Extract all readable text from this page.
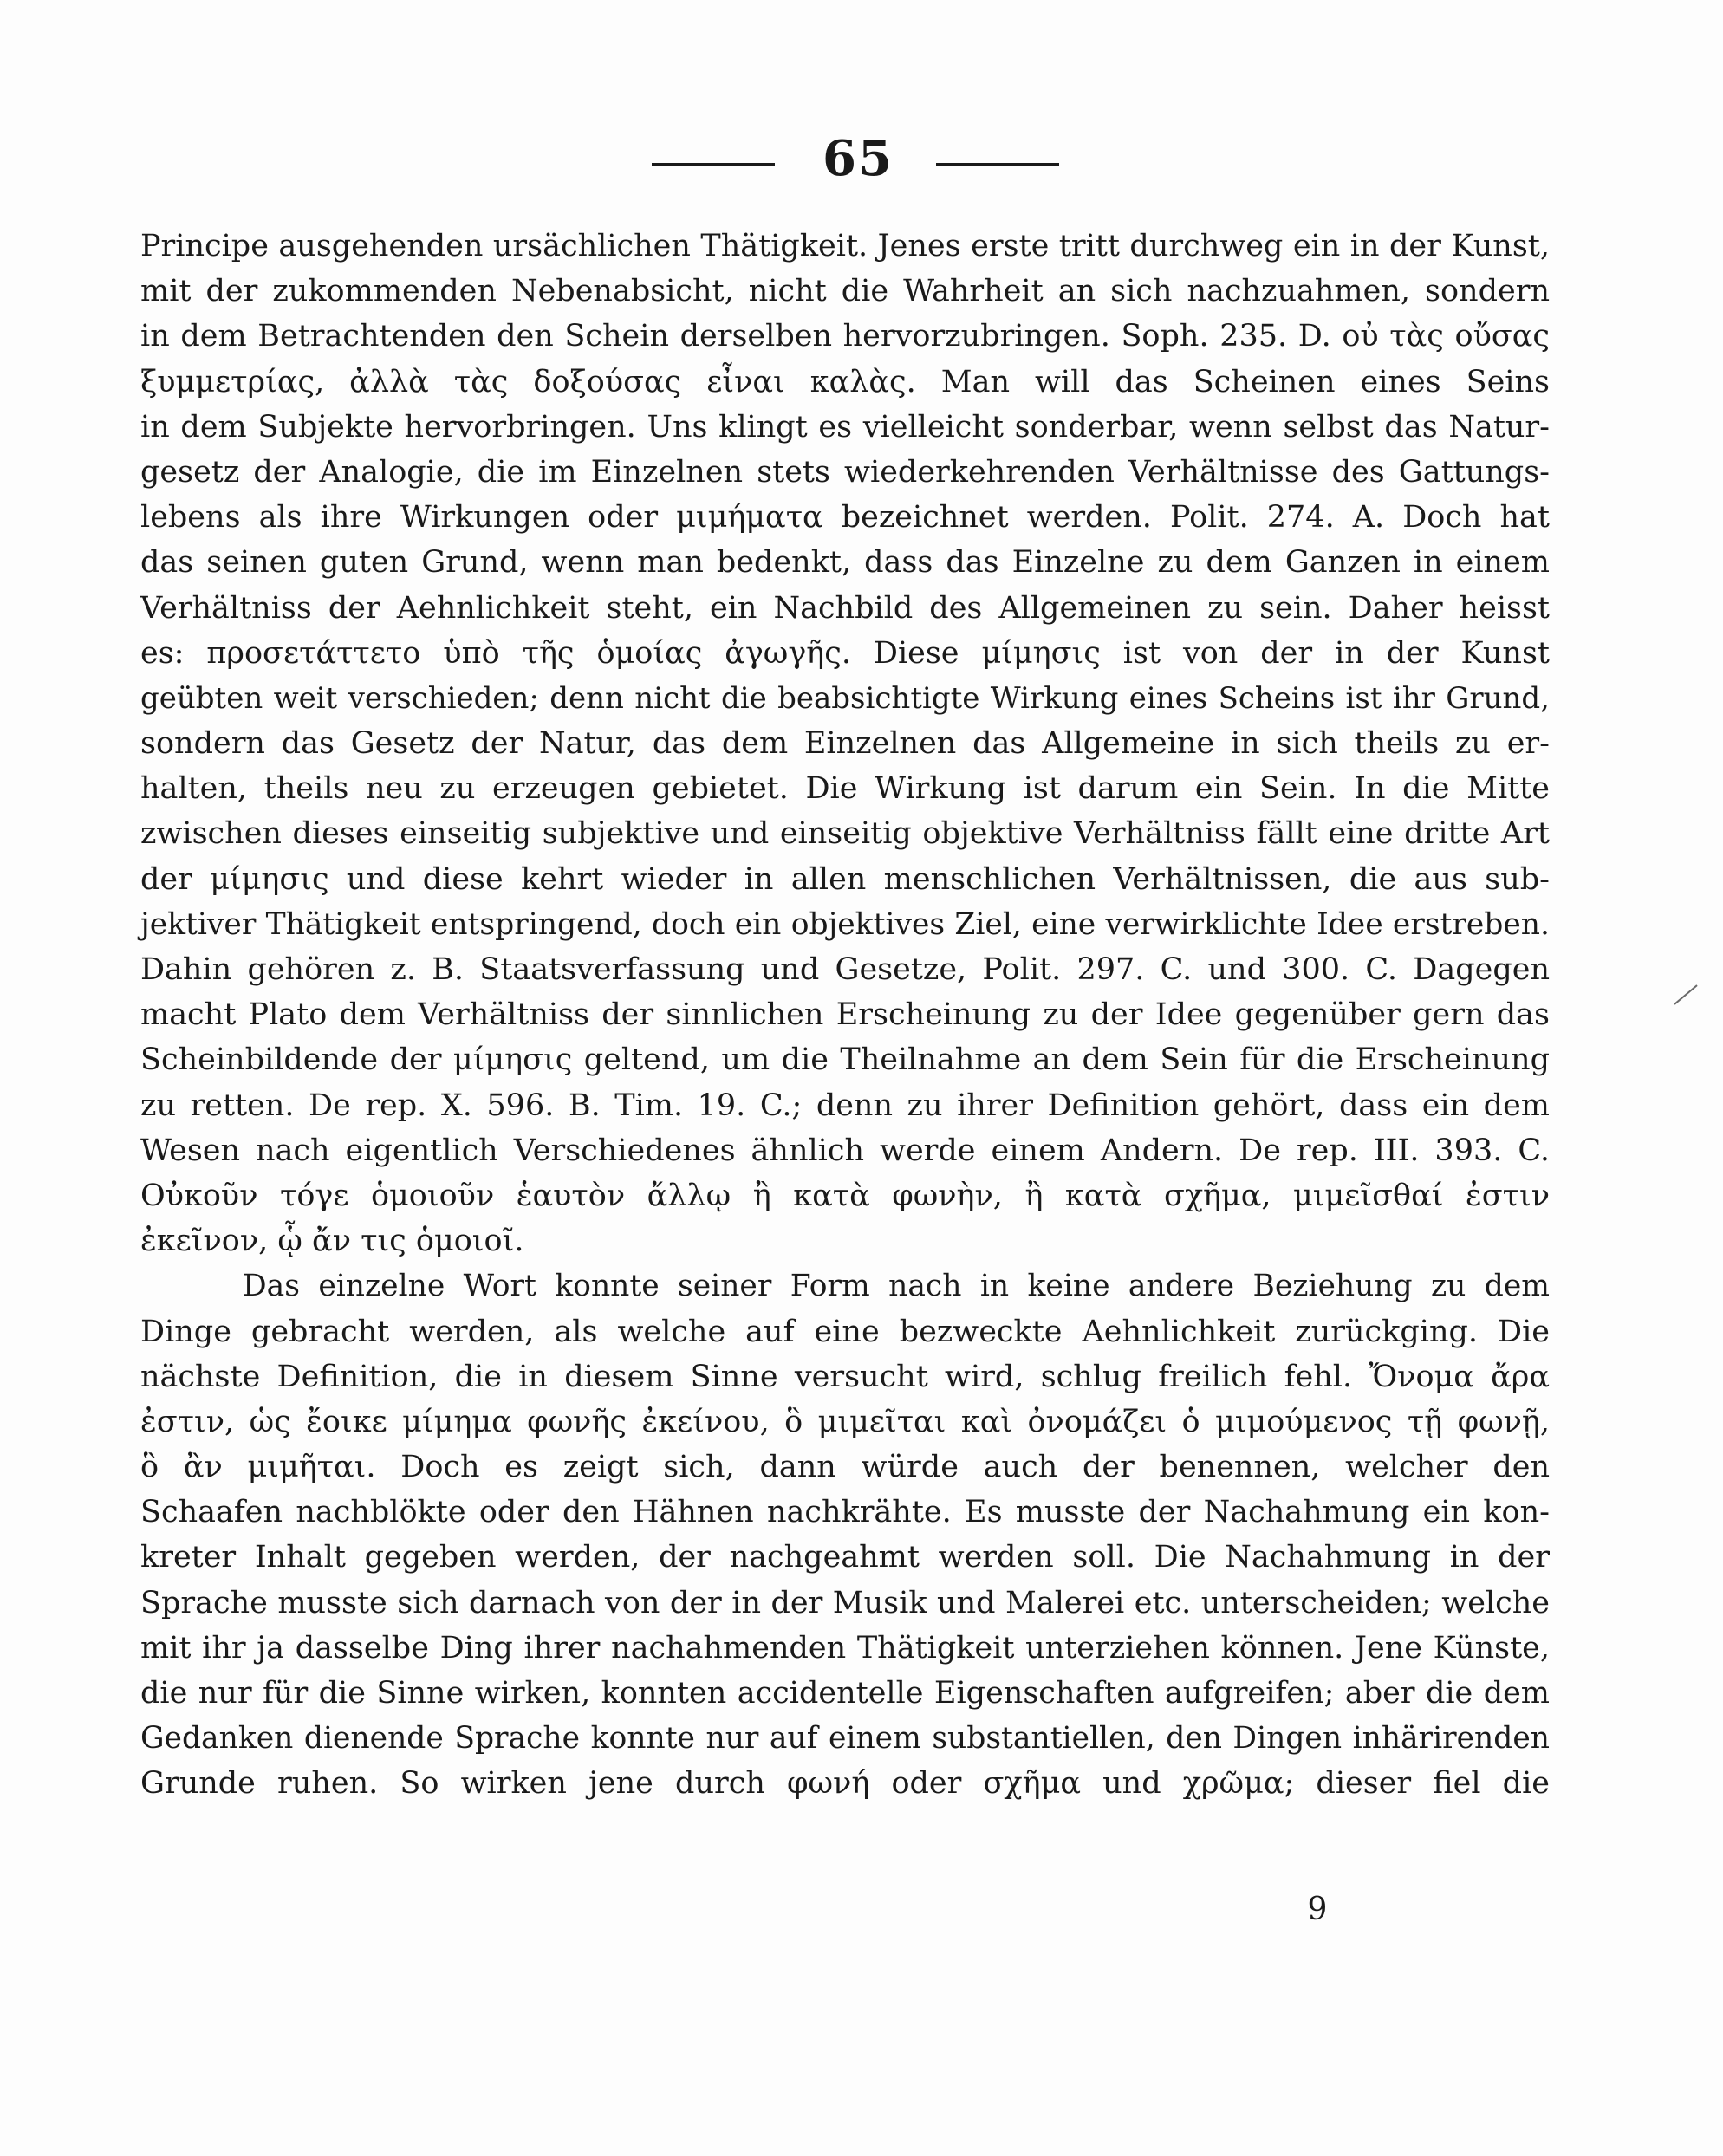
65
Principe ausgehenden ursächlichen Thätigkeit. Jenes erste tritt durchweg ein in der Kunst,
mit der zukommenden Nebenabsicht, nicht die Wahrheit an sich nachzuahmen, sondern
in dem Betrachtenden den Schein derselben hervorzubringen. Soph. 235. D. οὐ τὰς οὔσας
ξυμμετρίας, ἀλλὰ τὰς δοξούσας εἶναι καλὰς. Man will das Scheinen eines Seins
in dem Subjekte hervorbringen. Uns klingt es vielleicht sonderbar, wenn selbst das Natur-
gesetz der Analogie, die im Einzelnen stets wiederkehrenden Verhältnisse des Gattungs-
lebens als ihre Wirkungen oder μιμήματα bezeichnet werden. Polit. 274. A. Doch hat
das seinen guten Grund, wenn man bedenkt, dass das Einzelne zu dem Ganzen in einem
Verhältniss der Aehnlichkeit steht, ein Nachbild des Allgemeinen zu sein. Daher heisst
es: προσετάττετο ὑπὸ τῆς ὁμοίας ἀγωγῆς. Diese μίμησις ist von der in der Kunst
geübten weit verschieden; denn nicht die beabsichtigte Wirkung eines Scheins ist ihr Grund,
sondern das Gesetz der Natur, das dem Einzelnen das Allgemeine in sich theils zu er-
halten, theils neu zu erzeugen gebietet. Die Wirkung ist darum ein Sein. In die Mitte
zwischen dieses einseitig subjektive und einseitig objektive Verhältniss fällt eine dritte Art
der μίμησις und diese kehrt wieder in allen menschlichen Verhältnissen, die aus sub-
jektiver Thätigkeit entspringend, doch ein objektives Ziel, eine verwirklichte Idee erstreben.
Dahin gehören z. B. Staatsverfassung und Gesetze, Polit. 297. C. und 300. C. Dagegen
macht Plato dem Verhältniss der sinnlichen Erscheinung zu der Idee gegenüber gern das
Scheinbildende der μίμησις geltend, um die Theilnahme an dem Sein für die Erscheinung
zu retten. De rep. X. 596. B. Tim. 19. C.; denn zu ihrer Definition gehört, dass ein dem
Wesen nach eigentlich Verschiedenes ähnlich werde einem Andern. De rep. III. 393. C.
Οὐκοῦν τόγε ὁμοιοῦν ἑαυτὸν ἄλλῳ ἢ κατὰ φωνὴν, ἢ κατὰ σχῆμα, μιμεῖσθαί ἐστιν
ἐκεῖνον, ᾧ ἄν τις ὁμοιοῖ.
Das einzelne Wort konnte seiner Form nach in keine andere Beziehung zu dem
Dinge gebracht werden, als welche auf eine bezweckte Aehnlichkeit zurückging. Die
nächste Definition, die in diesem Sinne versucht wird, schlug freilich fehl. Ὄνομα ἄρα
ἐστιν, ὡς ἔοικε μίμημα φωνῆς ἐκείνου, ὃ μιμεῖται καὶ ὀνομάζει ὁ μιμούμενος τῇ φωνῇ,
ὃ ἂν μιμῆται. Doch es zeigt sich, dann würde auch der benennen, welcher den
Schaafen nachblökte oder den Hähnen nachkrähte. Es musste der Nachahmung ein kon-
kreter Inhalt gegeben werden, der nachgeahmt werden soll. Die Nachahmung in der
Sprache musste sich darnach von der in der Musik und Malerei etc. unterscheiden; welche
mit ihr ja dasselbe Ding ihrer nachahmenden Thätigkeit unterziehen können. Jene Künste,
die nur für die Sinne wirken, konnten accidentelle Eigenschaften aufgreifen; aber die dem
Gedanken dienende Sprache konnte nur auf einem substantiellen, den Dingen inhärirenden
Grunde ruhen. So wirken jene durch φωνή oder σχῆμα und χρῶμα; dieser fiel die
9
